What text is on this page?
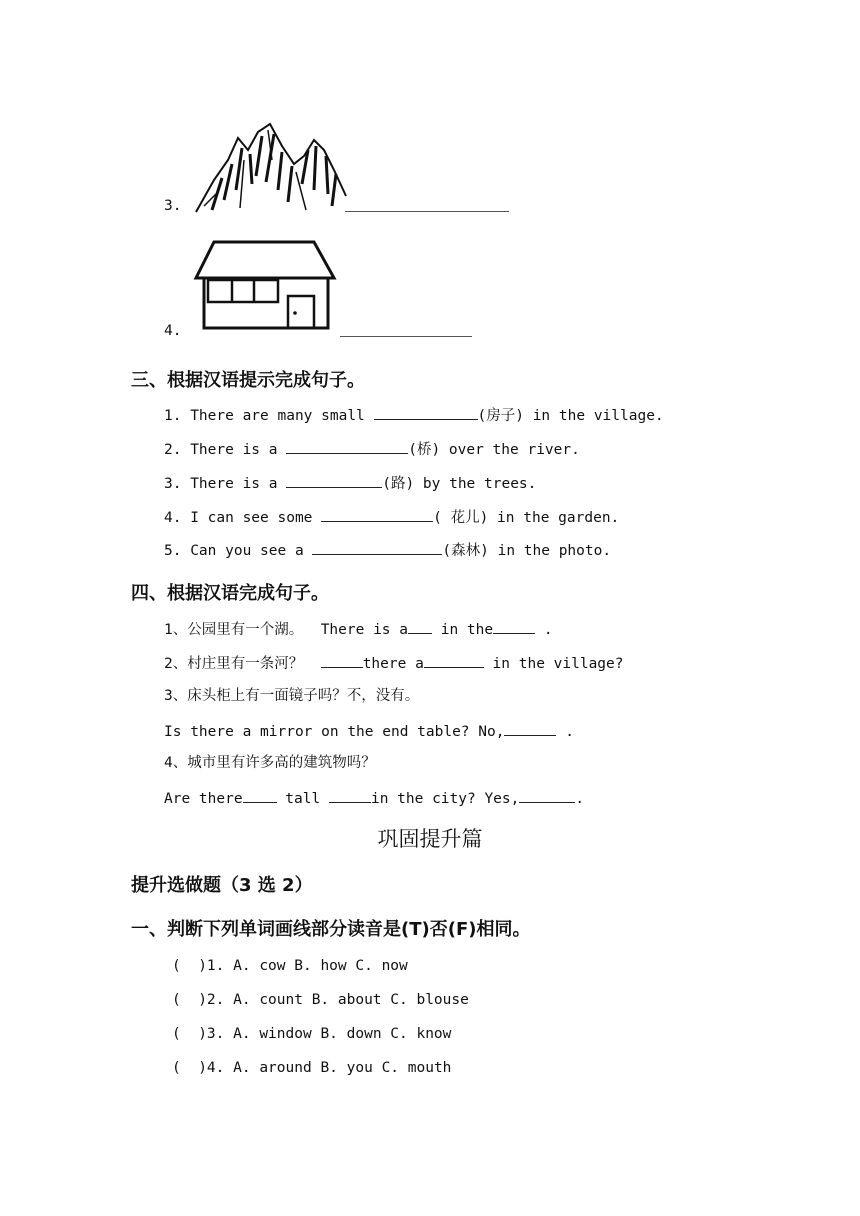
3.
4.
三、根据汉语提示完成句子。
1. There are many small	(房子) in the village.
2. There is a	(桥) over the river.
3. There is a	(路) by the trees.
4. I can see some	( 花儿) in the garden.
5. Can you see a	(森林) in the photo.
四、根据汉语完成句子。
1、公园里有一个湖。 There is a in the	.
2、村庄里有一条河？	there a	in the village?
3、床头柜上有一面镜子吗？不，没有。
Is there a mirror on the end table? No,	.
4、城市里有许多高的建筑物吗？
Are there tall	in the city? Yes,	.
巩固提升篇
提升选做题（3 选 2）
一、判断下列单词画线部分读音是(T)否(F)相同。
(  )1. A. cow B. how C. now
(  )2. A. count B. about C. blouse
(  )3. A. window B. down C. know
(  )4. A. around B. you C. mouth
